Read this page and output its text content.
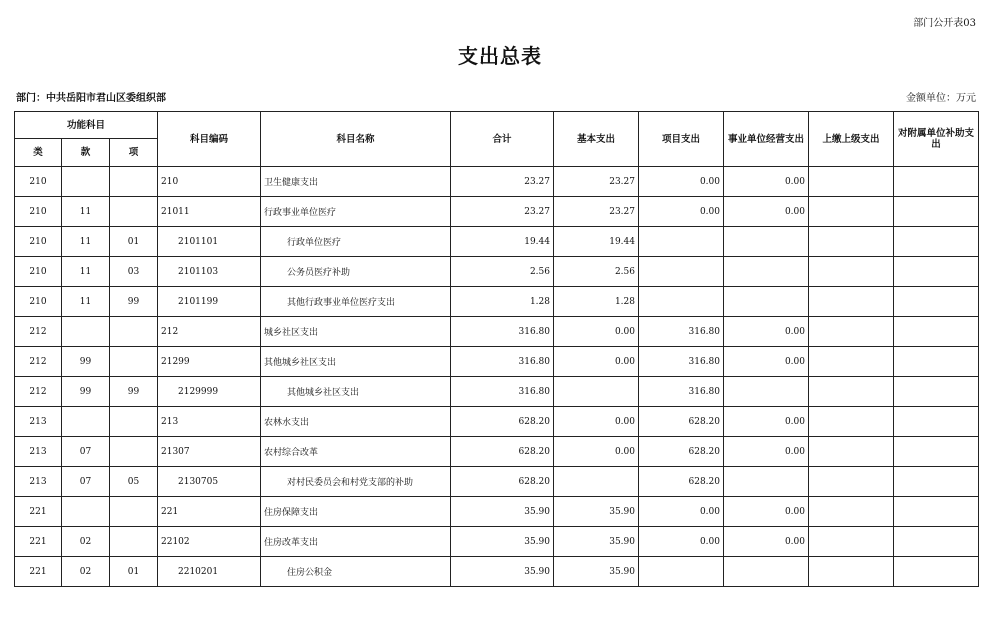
部门公开表03
支出总表
部门：中共岳阳市君山区委组织部	金额单位：万元
功能科目			科目编码	科目名称	合计	基本支出	项目支出	事业单位经营支出	上缴上级支出	对附属单位补助支出
类	款	项								
210			210	卫生健康支出	23.27	23.27	0.00	0.00		
210	11		21011	行政事业单位医疗	23.27	23.27	0.00	0.00		
210	11	01	2101101	行政单位医疗	19.44	19.44				
210	11	03	2101103	公务员医疗补助	2.56	2.56				
210	11	99	2101199	其他行政事业单位医疗支出	1.28	1.28				
212			212	城乡社区支出	316.80	0.00	316.80	0.00		
212	99		21299	其他城乡社区支出	316.80	0.00	316.80	0.00		
212	99	99	2129999	其他城乡社区支出	316.80		316.80			
213			213	农林水支出	628.20	0.00	628.20	0.00		
213	07		21307	农村综合改革	628.20	0.00	628.20	0.00		
213	07	05	2130705	对村民委员会和村党支部的补助	628.20		628.20			
221			221	住房保障支出	35.90	35.90	0.00	0.00		
221	02		22102	住房改革支出	35.90	35.90	0.00	0.00		
221	02	01	2210201	住房公积金	35.90	35.90				
